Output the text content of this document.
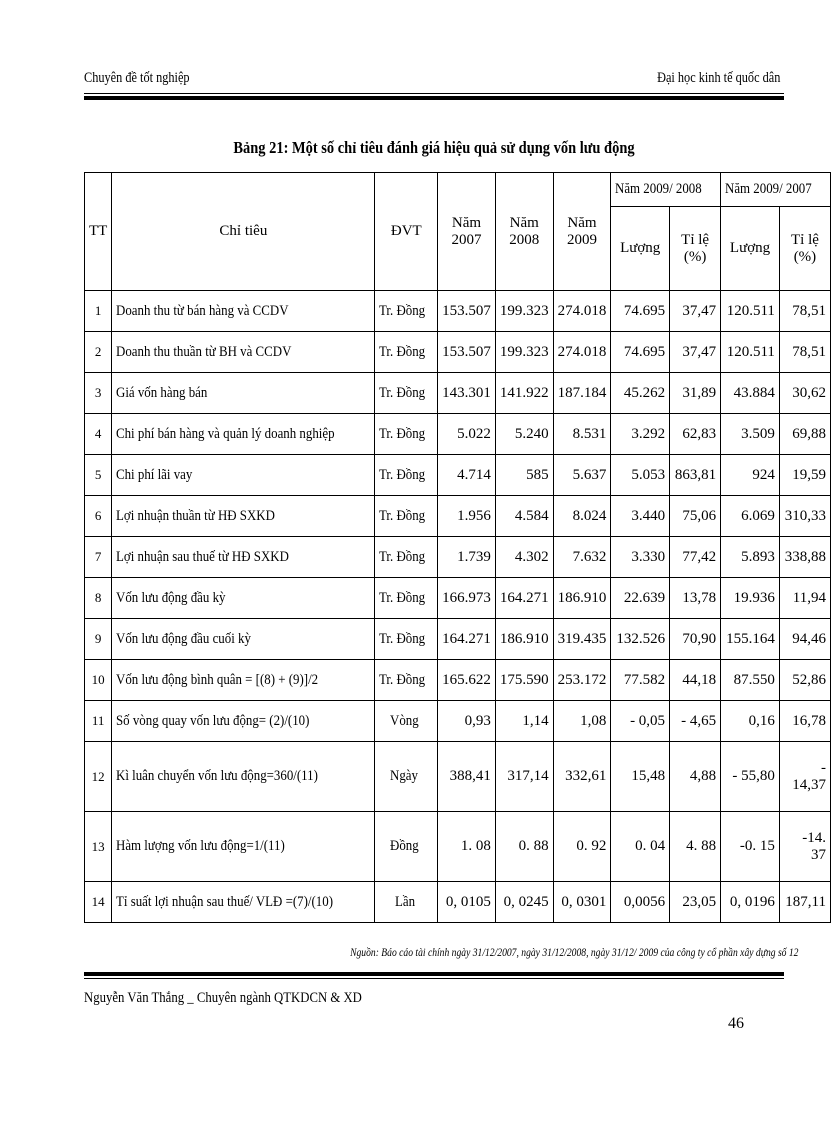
Chuyên đề tốt nghiệp	Đại học kinh tế quốc dân
Bảng 21: Một số chỉ tiêu đánh giá hiệu quả sử dụng vốn lưu động
TT	Chỉ tiêu	ĐVT	Năm 2007	Năm 2008	Năm 2009	Năm 2009/ 2008		Năm 2009/ 2007	
						Lượng	Tỉ lệ (%)	Lượng	Tỉ lệ (%)
1	Doanh thu từ bán hàng và CCDV	Tr. Đồng	153.507	199.323	274.018	74.695	37,47	120.511	78,51
2	Doanh thu thuần từ BH và CCDV	Tr. Đồng	153.507	199.323	274.018	74.695	37,47	120.511	78,51
3	Giá vốn hàng bán	Tr. Đồng	143.301	141.922	187.184	45.262	31,89	43.884	30,62
4	Chi phí bán hàng và quản lý doanh nghiệp	Tr. Đồng	5.022	5.240	8.531	3.292	62,83	3.509	69,88
5	Chi phí lãi vay	Tr. Đồng	4.714	585	5.637	5.053	863,81	924	19,59
6	Lợi nhuận thuần từ HĐ SXKD	Tr. Đồng	1.956	4.584	8.024	3.440	75,06	6.069	310,33
7	Lợi nhuận sau thuế từ HĐ SXKD	Tr. Đồng	1.739	4.302	7.632	3.330	77,42	5.893	338,88
8	Vốn lưu động đầu kỳ	Tr. Đồng	166.973	164.271	186.910	22.639	13,78	19.936	11,94
9	Vốn lưu động đầu cuối kỳ	Tr. Đồng	164.271	186.910	319.435	132.526	70,90	155.164	94,46
10	Vốn lưu động bình quân = [(8) + (9)]/2	Tr. Đồng	165.622	175.590	253.172	77.582	44,18	87.550	52,86
11	Số vòng quay vốn lưu động= (2)/(10)	Vòng	0,93	1,14	1,08	- 0,05	- 4,65	0,16	16,78
12	Kì luân chuyển vốn lưu động=360/(11)	Ngày	388,41	317,14	332,61	15,48	4,88	- 55,80	- 14,37
13	Hàm lượng vốn lưu động=1/(11)	Đồng	1. 08	0. 88	0. 92	0. 04	4. 88	-0. 15	-14. 37
14	Tỉ suất lợi nhuận sau thuế/ VLĐ =(7)/(10)	Lần	0, 0105	0, 0245	0, 0301	0,0056	23,05	0, 0196	187,11
Nguồn: Báo cáo tài chính ngày 31/12/2007, ngày 31/12/2008, ngày 31/12/ 2009 của công ty cổ phần xây dựng số 12
Nguyễn Văn Thắng _ Chuyên ngành QTKDCN & XD
46
